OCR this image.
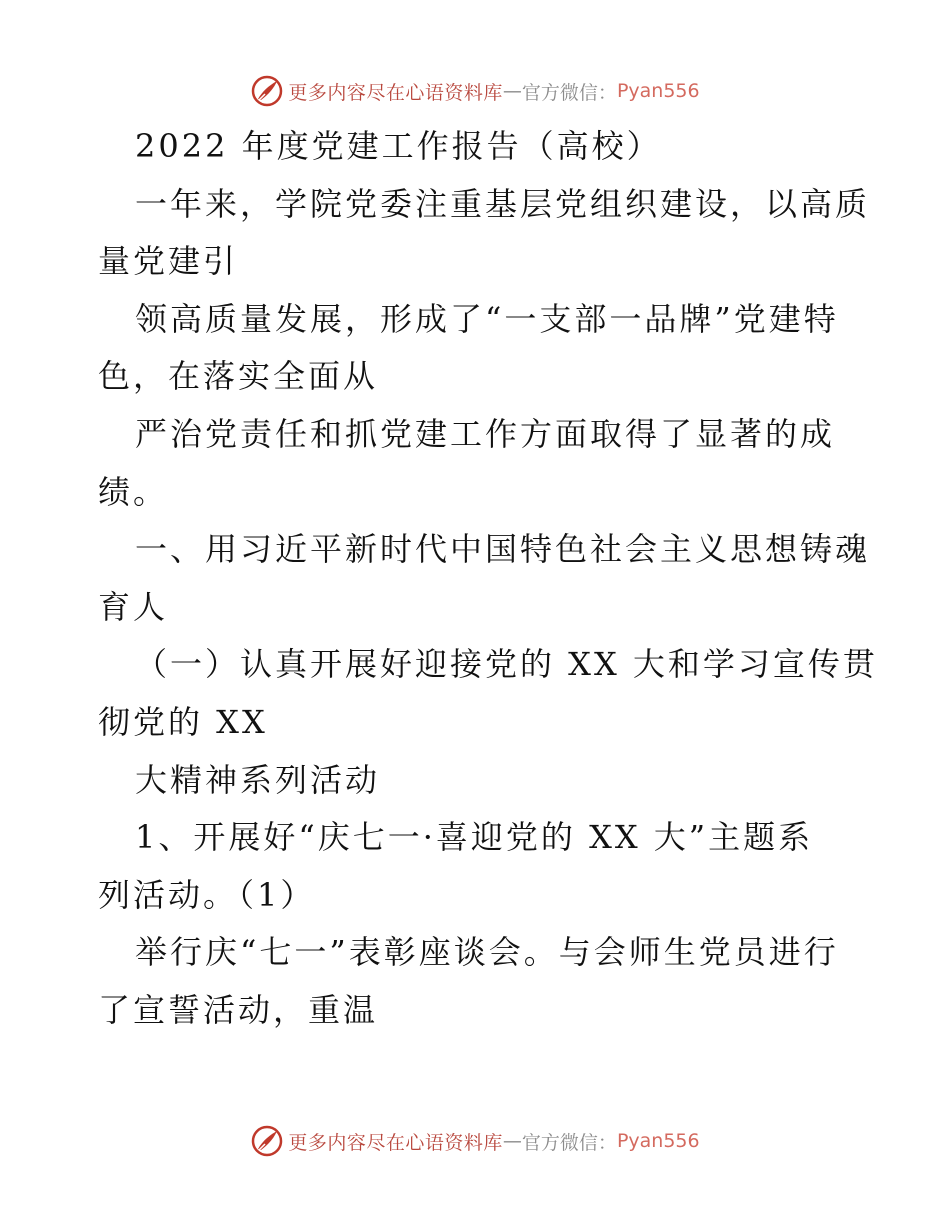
更多内容尽在心语资料库 — 官方微信： Pyan556
2022 年度党建工作报告（高校）
一年来，学院党委注重基层党组织建设，以高质
量党建引
领高质量发展，形成了“一支部一品牌”党建特
色，在落实全面从
严治党责任和抓党建工作方面取得了显著的成
绩。
一、用习近平新时代中国特色社会主义思想铸魂
育人
（一）认真开展好迎接党的 XX 大和学习宣传贯
彻党的 XX
大精神系列活动
1、开展好“庆七一·喜迎党的 XX 大”主题系
列活动。（1）
举行庆“七一”表彰座谈会。与会师生党员进行
了宣誓活动，重温
更多内容尽在心语资料库 — 官方微信： Pyan556
